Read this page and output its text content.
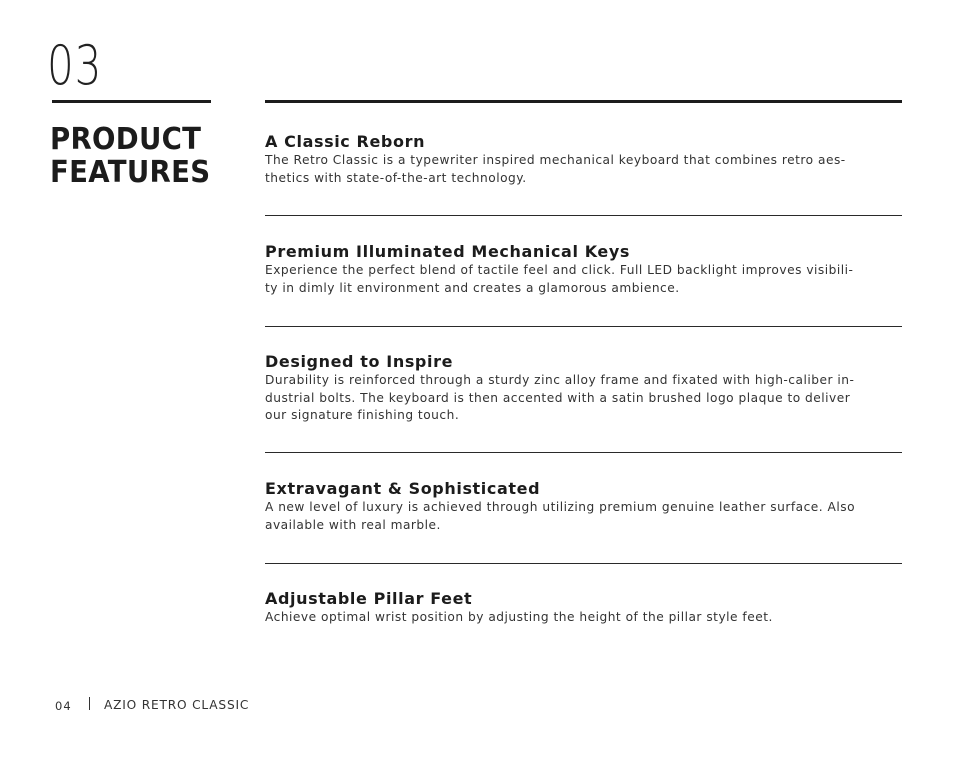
03
PRODUCT
FEATURES
A Classic Reborn

The Retro Classic is a typewriter inspired mechanical keyboard that combines retro aes-
thetics with state-of-the-art technology.

Premium Illuminated Mechanical Keys

Experience the perfect blend of tactile feel and click. Full LED backlight improves visibili-
ty in dimly lit environment and creates a glamorous ambience.

Designed to Inspire

Durability is reinforced through a sturdy zinc alloy frame and fixated with high-caliber in-
dustrial bolts. The keyboard is then accented with a satin brushed logo plaque to deliver
our signature finishing touch.

Extravagant & Sophisticated

A new level of luxury is achieved through utilizing premium genuine leather surface. Also
available with real marble.

Adjustable Pillar Feet

Achieve optimal wrist position by adjusting the height of the pillar style feet.

04	AZIO RETRO CLASSIC
